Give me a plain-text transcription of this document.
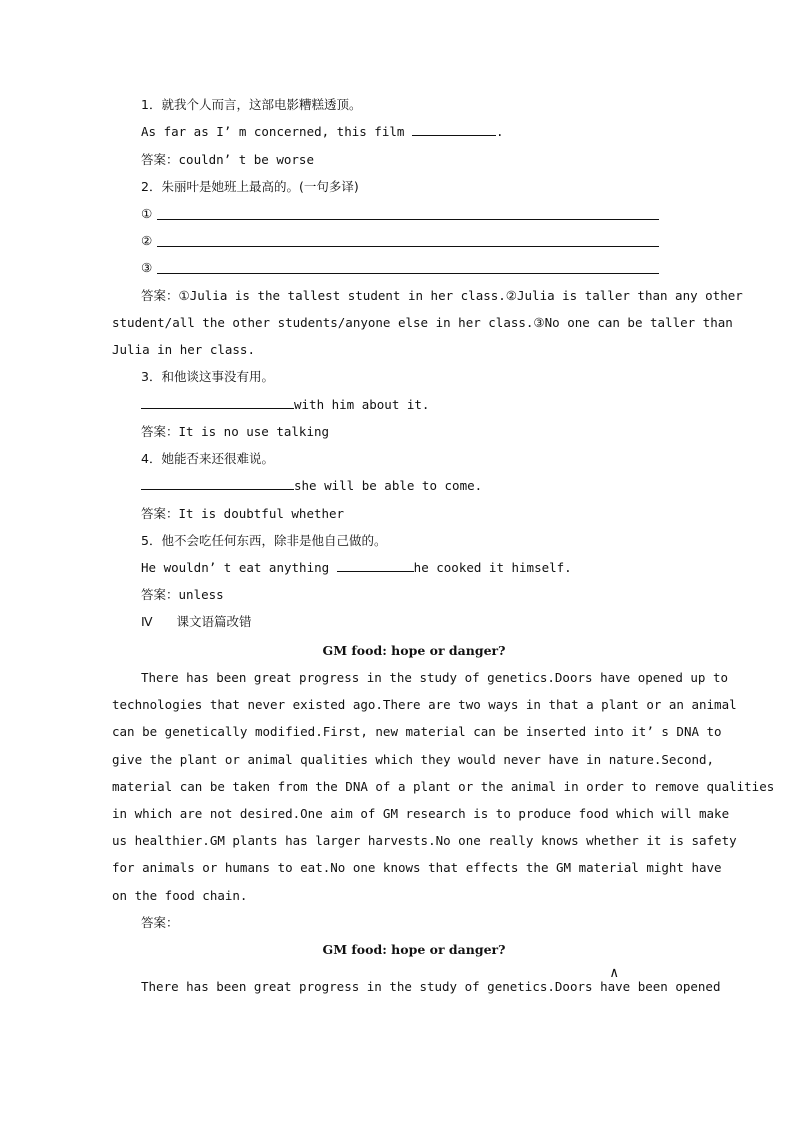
1．就我个人而言，这部电影糟糕透顶。
As far as I’ m concerned, this film	.
答案：couldn’ t be worse
2．朱丽叶是她班上最高的。(一句多译)
①
②
③
答案：①Julia is the tallest student in her class.②Julia is taller than any other
student/all the other students/anyone else in her class.③No one can be taller than
Julia in her class.
3．和他谈这事没有用。
with him about it.
答案：It is no use talking
4．她能否来还很难说。
she will be able to come.
答案：It is doubtful whether
5．他不会吃任何东西，除非是他自己做的。
He wouldn’ t eat anything	he cooked it himself.
答案：unless
Ⅳ 课文语篇改错
GM food: hope or danger?
There has been great progress in the study of genetics.Doors have opened up to
technologies that never existed ago.There are two ways in that a plant or an animal
can be genetically modified.First, new material can be inserted into it’ s DNA to
give the plant or animal qualities which they would never have in nature.Second,
material can be taken from the DNA of a plant or the animal in order to remove qualities
in which are not desired.One aim of GM research is to produce food which will make
us healthier.GM plants has larger harvests.No one really knows whether it is safety
for animals or humans to eat.No one knows that effects the GM material might have
on the food chain.
答案：
GM food: hope or danger?
∧
There has been great progress in the study of genetics.Doors have been opened
